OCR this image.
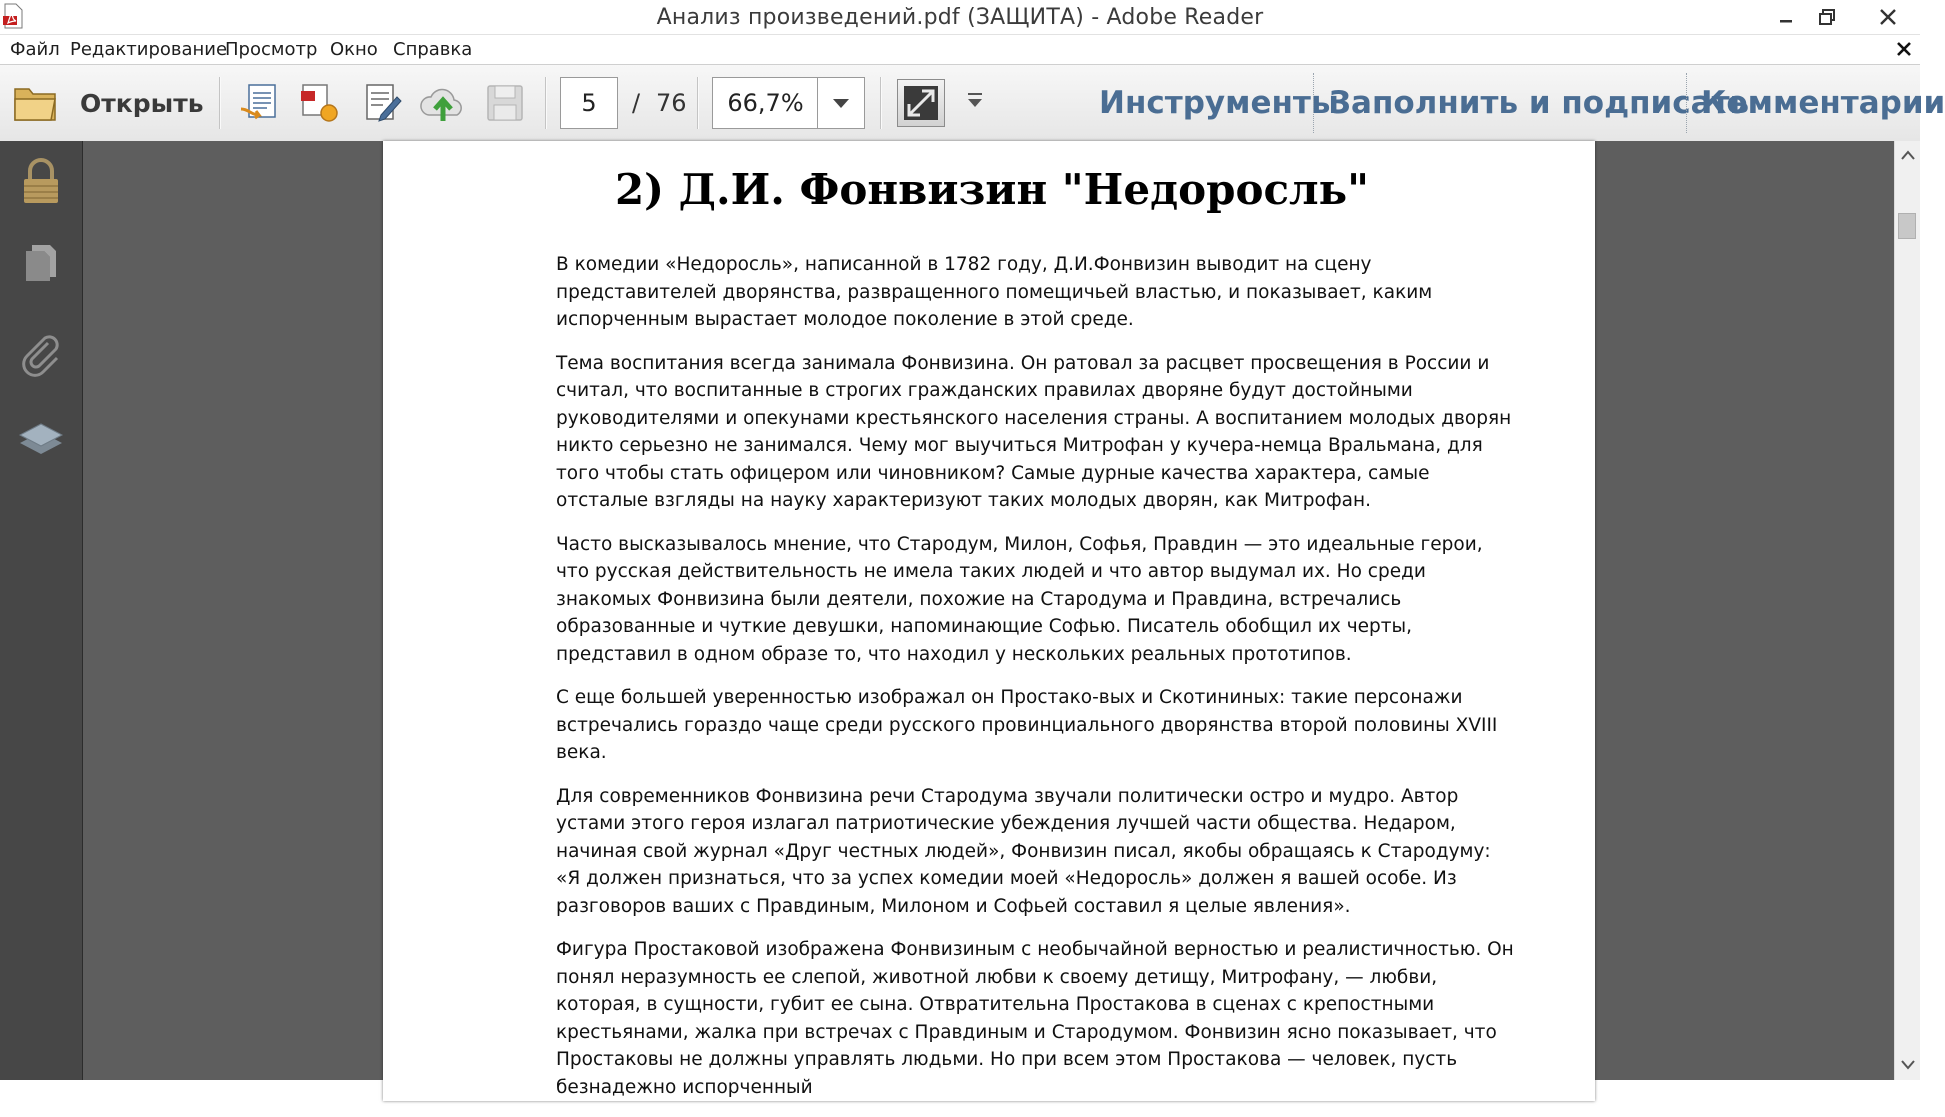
Анализ произведений.pdf (ЗАЩИТА) - Adobe Reader
Файл Редактирование
Просмотр Окно Справка
Открыть	5	/ 76	66,7%	Инструменты
Заполнить и подписать
Комментарии
2) Д.И. Фонвизин "Недоросль"

В комедии «Недоросль», написанной в 1782 году, Д.И.Фонвизин выводит на сцену представителей дворянства, развращенного помещичьей властью, и показывает, каким испорченным вырастает молодое поколение в этой среде.

Тема воспитания всегда занимала Фонвизина. Он ратовал за расцвет просвещения в России и считал, что воспитанные в строгих гражданских правилах дворяне будут достойными руководителями и опекунами крестьянского населения страны. А воспитанием молодых дворян никто серьезно не занимался. Чему мог выучиться Митрофан у кучера-немца Вральмана, для того чтобы стать офицером или чиновником? Самые дурные качества характера, самые отсталые взгляды на науку характеризуют таких молодых дворян, как Митрофан.

Часто высказывалось мнение, что Стародум, Милон, Софья, Правдин — это идеальные герои, что русская действительность не имела таких людей и что автор выдумал их. Но среди знакомых Фонвизина были деятели, похожие на Стародума и Правдина, встречались образованные и чуткие девушки, напоминающие Софью. Писатель обобщил их черты, представил в одном образе то, что находил у нескольких реальных прототипов.

С еще большей уверенностью изображал он Простако-вых и Скотининых: такие персонажи встречались гораздо чаще среди русского провинциального дворянства второй половины XVIII века.

Для современников Фонвизина речи Стародума звучали политически остро и мудро. Автор устами этого героя излагал патриотические убеждения лучшей части общества. Недаром, начиная свой журнал «Друг честных людей», Фонвизин писал, якобы обращаясь к Стародуму: «Я должен признаться, что за успех комедии моей «Недоросль» должен я вашей особе. Из разговоров ваших с Правдиным, Милоном и Софьей составил я целые явления».

Фигура Простаковой изображена Фонвизиным с необычайной верностью и реалистичностью. Он понял неразумность ее слепой, животной любви к своему детищу, Митрофану, — любви, которая, в сущности, губит ее сына. Отвратительна Простакова в сценах с крепостными крестьянами, жалка при встречах с Правдиным и Стародумом. Фонвизин ясно показывает, что Простаковы не должны управлять людьми. Но при всем этом Простакова — человек, пусть безнадежно испорченный
